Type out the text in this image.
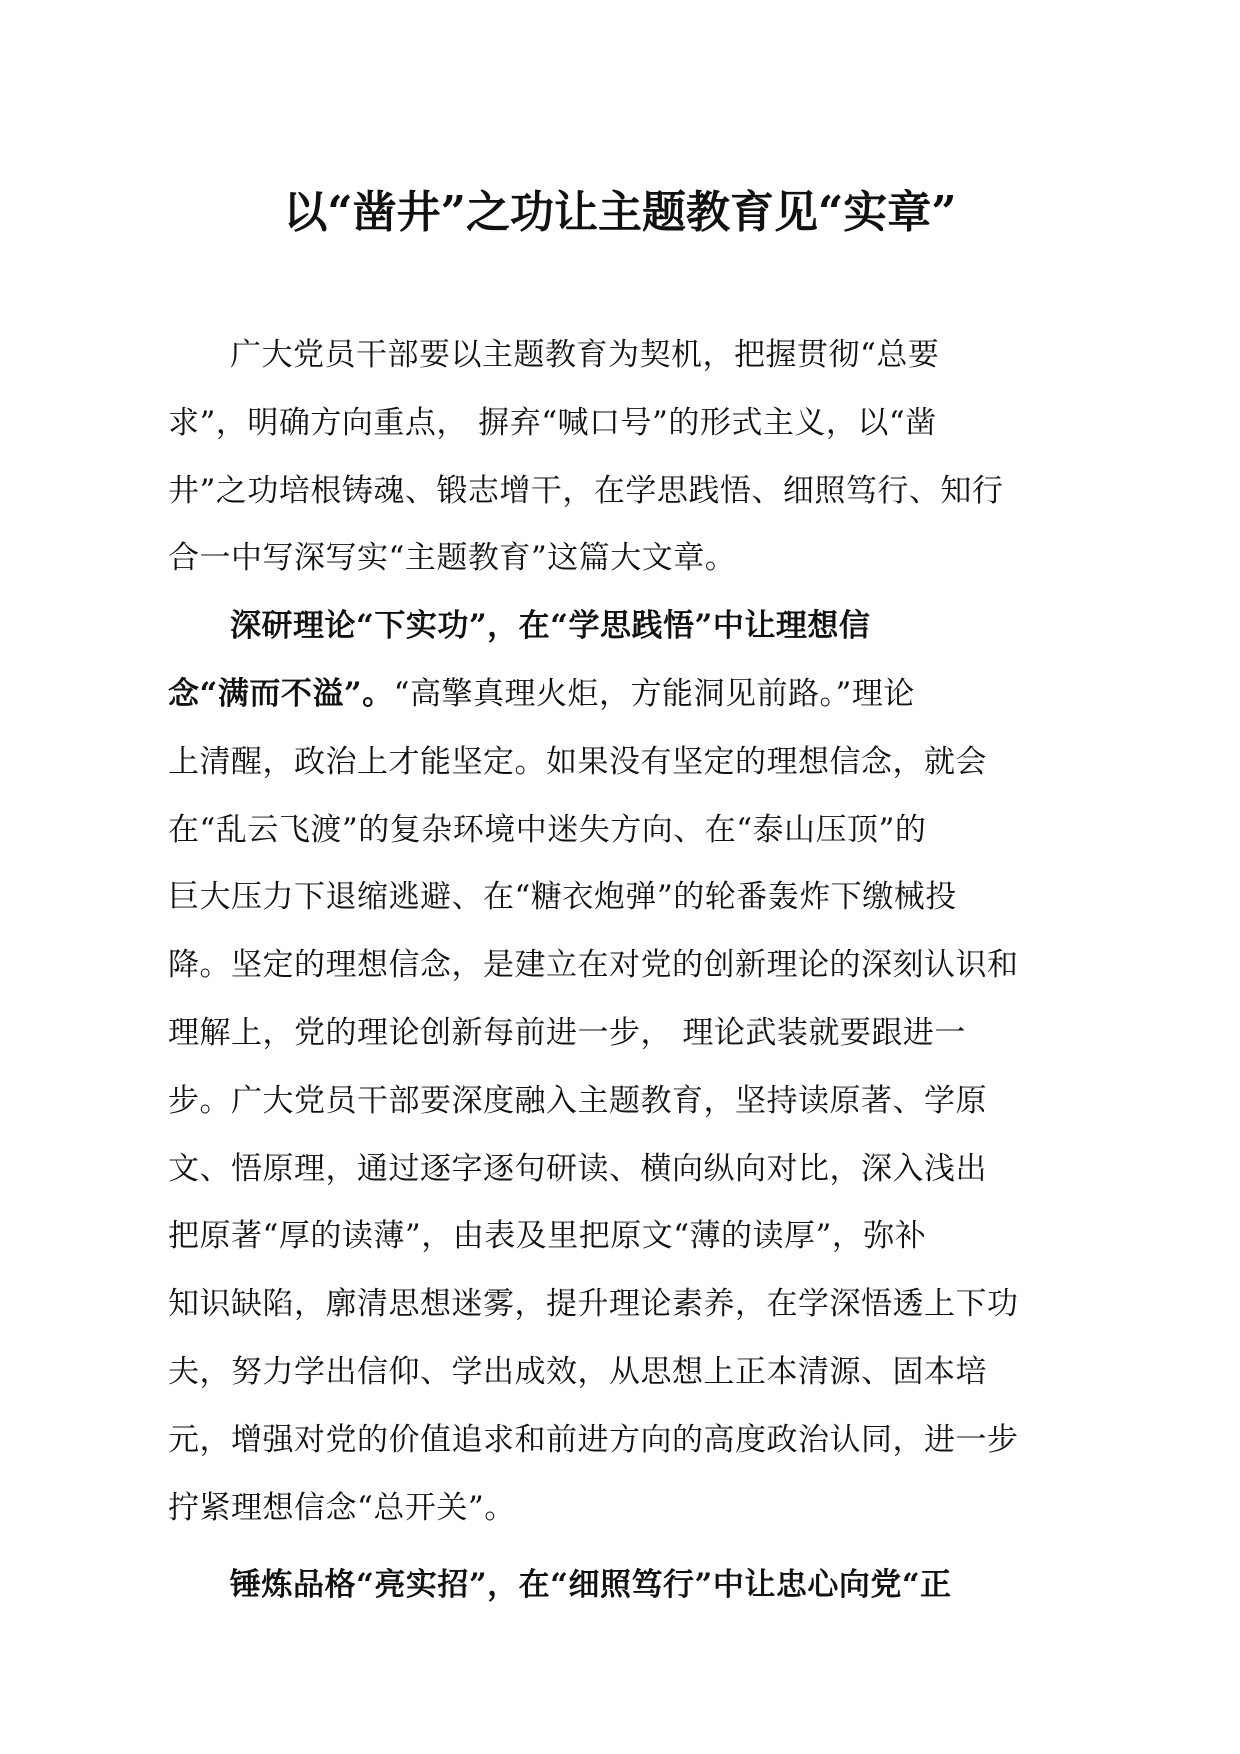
以“凿井”之功让主题教育见“实章”
广大党员干部要以主题教育为契机，把握贯彻“总要
求”，明确方向重点， 摒弃“喊口号”的形式主义，以“凿
井”之功培根铸魂、锻志增干，在学思践悟、细照笃行、知行
合一中写深写实“主题教育”这篇大文章。
深研理论“下实功”，在“学思践悟”中让理想信
念“满而不溢”。“高擎真理火炬，方能洞见前路。”理论
上清醒，政治上才能坚定。如果没有坚定的理想信念，就会
在“乱云飞渡”的复杂环境中迷失方向、在“泰山压顶”的
巨大压力下退缩逃避、在“糖衣炮弹”的轮番轰炸下缴械投
降。坚定的理想信念，是建立在对党的创新理论的深刻认识和
理解上，党的理论创新每前进一步， 理论武装就要跟进一
步。广大党员干部要深度融入主题教育，坚持读原著、学原
文、悟原理，通过逐字逐句研读、横向纵向对比，深入浅出
把原著“厚的读薄”，由表及里把原文“薄的读厚”，弥补
知识缺陷，廓清思想迷雾，提升理论素养，在学深悟透上下功
夫，努力学出信仰、学出成效，从思想上正本清源、固本培
元，增强对党的价值追求和前进方向的高度政治认同，进一步
拧紧理想信念“总开关”。
锤炼品格“亮实招”，在“细照笃行”中让忠心向党“正
